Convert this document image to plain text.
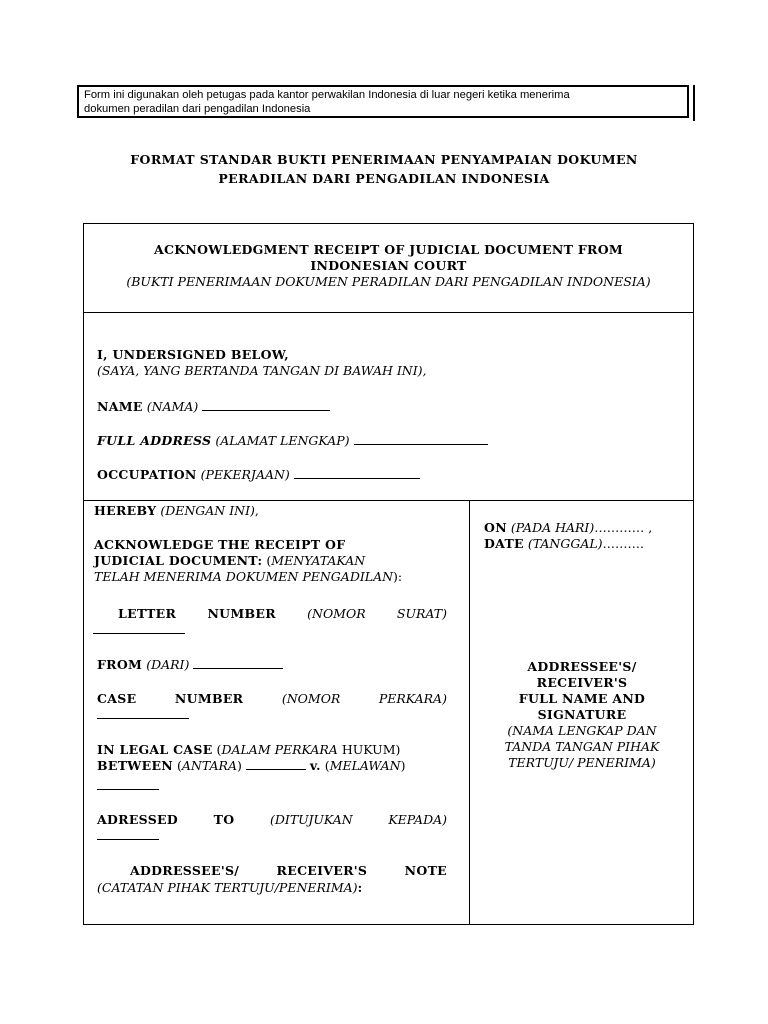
Form ini digunakan oleh petugas pada kantor perwakilan Indonesia di luar negeri ketika menerima
dokumen peradilan dari pengadilan Indonesia
FORMAT STANDAR BUKTI PENERIMAAN PENYAMPAIAN DOKUMEN
PERADILAN DARI PENGADILAN INDONESIA
ACKNOWLEDGMENT RECEIPT OF JUDICIAL DOCUMENT FROM
INDONESIAN COURT
(BUKTI PENERIMAAN DOKUMEN PERADILAN DARI PENGADILAN INDONESIA)
I, UNDERSIGNED BELOW,
(SAYA, YANG BERTANDA TANGAN DI BAWAH INI),
NAME (NAMA)
FULL ADDRESS (ALAMAT LENGKAP)
OCCUPATION (PEKERJAAN)
HEREBY (DENGAN INI),
ACKNOWLEDGE THE RECEIPT OF
JUDICIAL DOCUMENT: (MENYATAKAN
TELAH MENERIMA DOKUMEN PENGADILAN):
LETTER NUMBER (NOMOR SURAT)
FROM (DARI)
CASE	NUMBER	(NOMOR	PERKARA)
IN LEGAL CASE (DALAM PERKARA HUKUM)
BETWEEN (ANTARA)	v. (MELAWAN)
ADRESSED	TO	(DITUJUKAN	KEPADA)
ADDRESSEE'S/	RECEIVER'S	NOTE
(CATATAN PIHAK TERTUJU/PENERIMA):
ON (PADA HARI)………… ,
DATE (TANGGAL)……….
ADDRESSEE'S/
RECEIVER'S
FULL NAME AND
SIGNATURE
(NAMA LENGKAP DAN
TANDA TANGAN PIHAK
TERTUJU/ PENERIMA)
